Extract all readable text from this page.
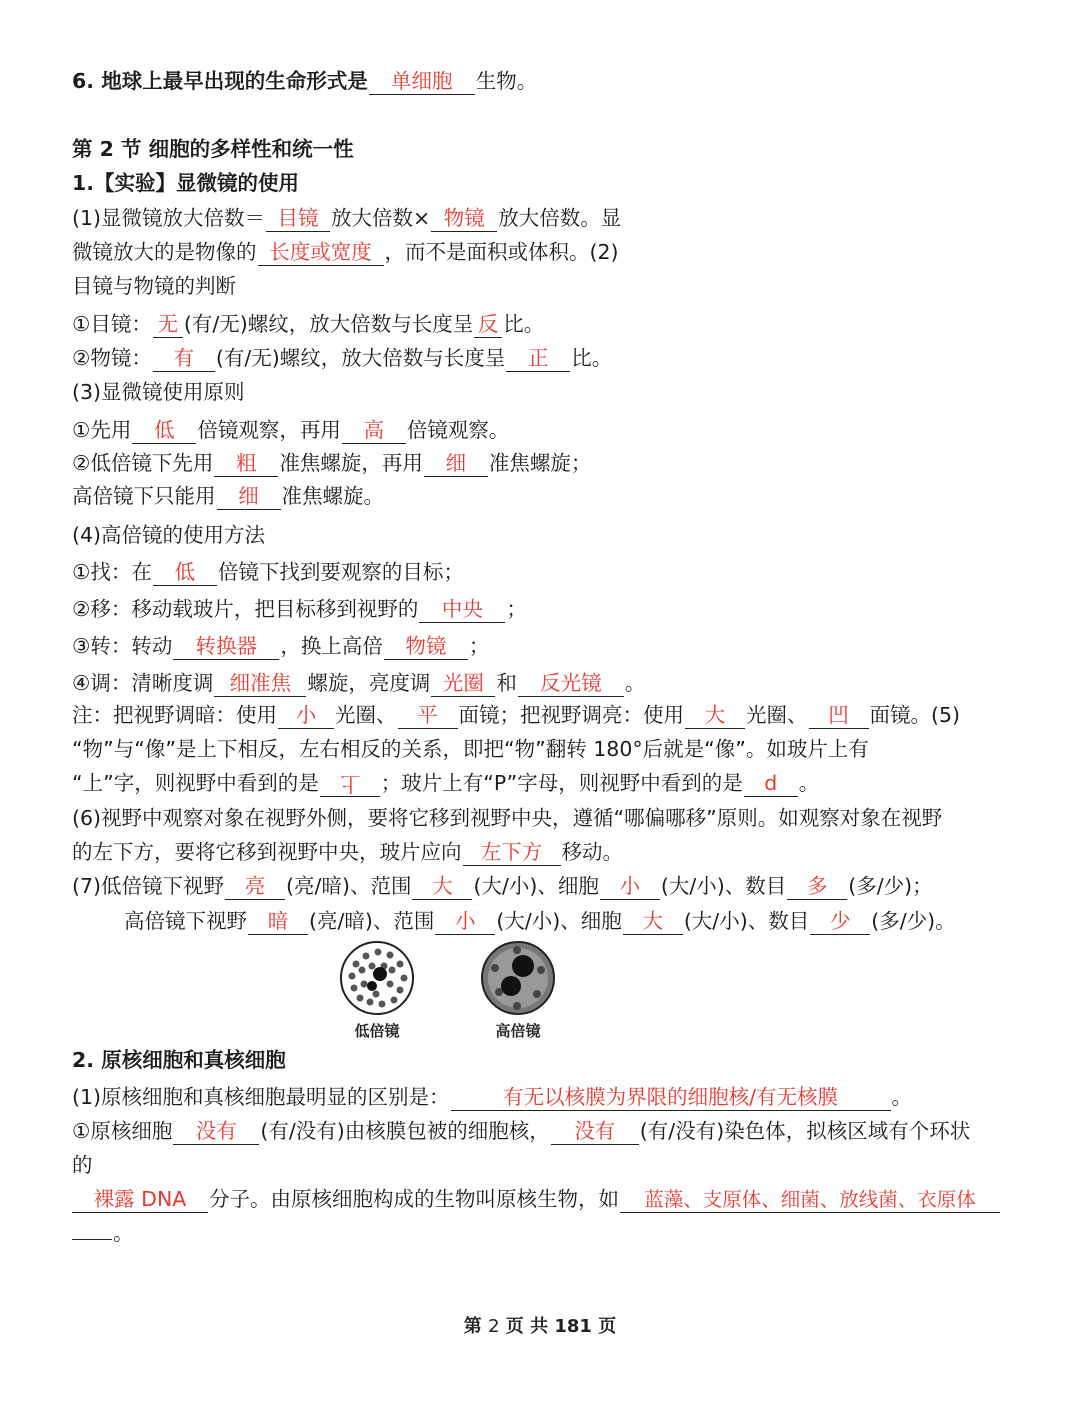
6. 地球上最早出现的生命形式是 单细胞 生物。
第 2 节 细胞的多样性和统一性
1.【实验】显微镜的使用
(1)显微镜放大倍数＝ 目镜 放大倍数× 物镜 放大倍数。显
微镜放大的是物像的 长度或宽度 ，而不是面积或体积。(2)
目镜与物镜的判断
①目镜： 无 (有/无)螺纹，放大倍数与长度呈 反 比。
②物镜： 有 (有/无)螺纹，放大倍数与长度呈 正 比。
(3)显微镜使用原则
①先用 低 倍镜观察，再用 高 倍镜观察。
②低倍镜下先用 粗 准焦螺旋，再用 细 准焦螺旋；
高倍镜下只能用 细 准焦螺旋。
(4)高倍镜的使用方法
①找：在 低 倍镜下找到要观察的目标；
②移：移动载玻片，把目标移到视野的 中央 ；
③转：转动 转换器 ，换上高倍 物镜 ；
④调：清晰度调 细准焦 螺旋，亮度调 光圈 和 反光镜 。
注：把视野调暗：使用 小 光圈、 平 面镜；把视野调亮：使用 大 光圈、 凹 面镜。(5)
“物”与“像”是上下相反，左右相反的关系，即把“物”翻转 180°后就是“像”。如玻片上有
“上”字，则视野中看到的是 上 ；玻片上有“P”字母，则视野中看到的是 d 。
(6)视野中观察对象在视野外侧，要将它移到视野中央，遵循“哪偏哪移”原则。如观察对象在视野
的左下方，要将它移到视野中央，玻片应向 左下方 移动。
(7)低倍镜下视野 亮 (亮/暗)、范围 大 (大/小)、细胞 小 (大/小)、数目 多 (多/少)；
高倍镜下视野 暗 (亮/暗)、范围 小 (大/小)、细胞 大 (大/小)、数目 少 (多/少)。
低倍镜	高倍镜
2. 原核细胞和真核细胞
(1)原核细胞和真核细胞最明显的区别是：	有无以核膜为界限的细胞核/有无核膜	。
①原核细胞 没有 (有/没有)由核膜包被的细胞核， 没有 (有/没有)染色体，拟核区域有个环状
的
裸露 DNA 分子。由原核细胞构成的生物叫原核生物，如 蓝藻、支原体、细菌、放线菌、衣原体
。
第 2 页 共 181 页
